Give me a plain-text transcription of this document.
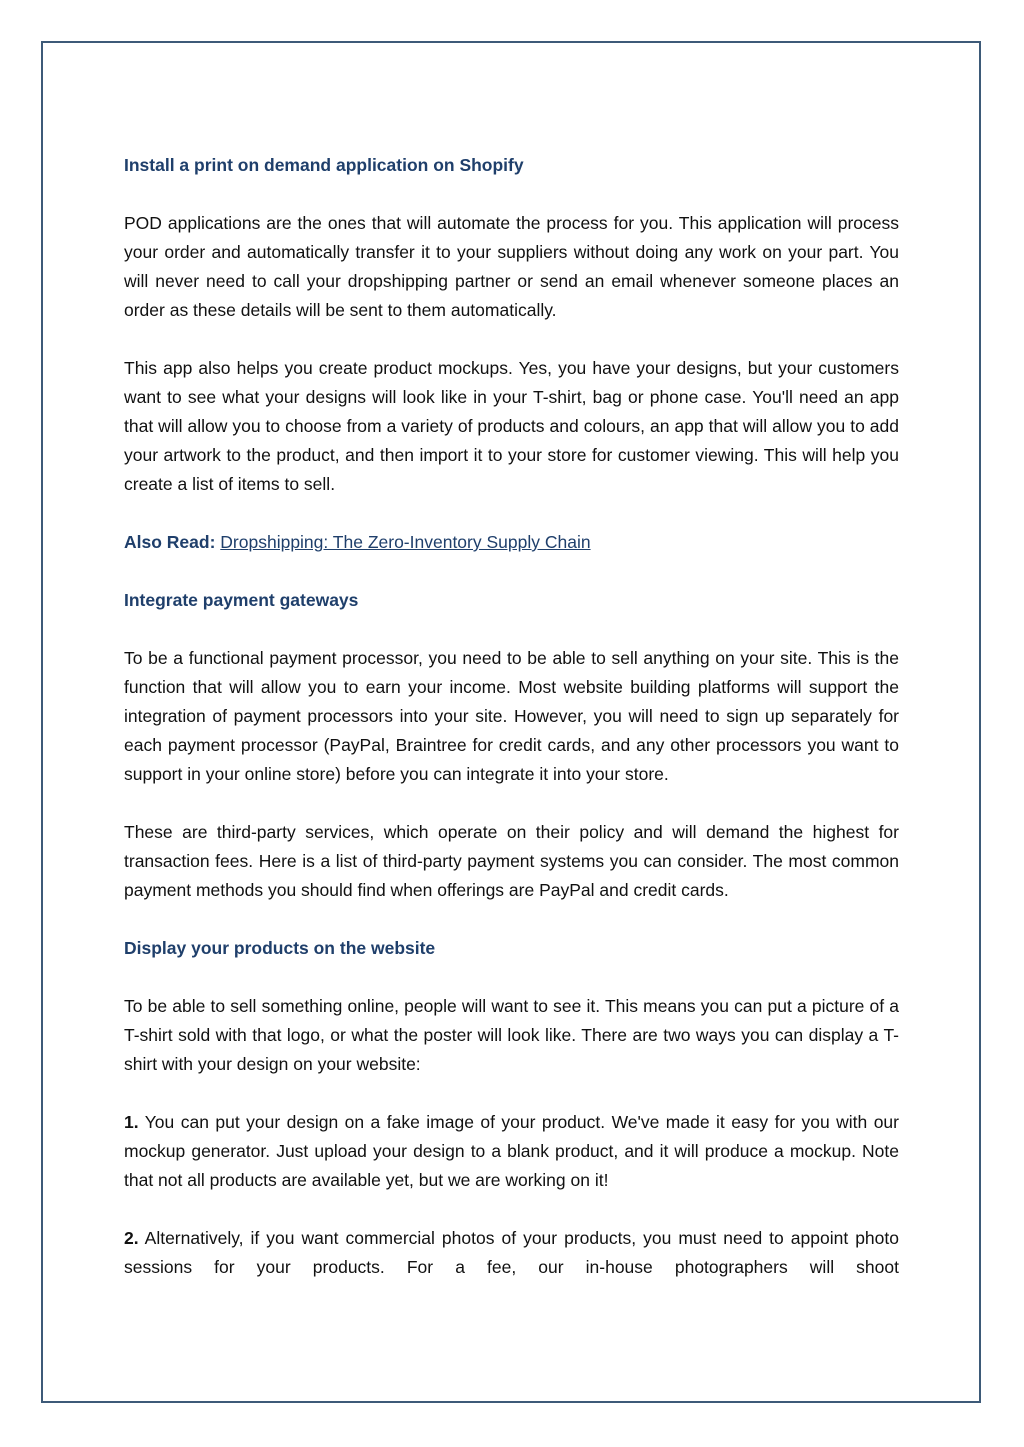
Install a print on demand application on Shopify

POD applications are the ones that will automate the process for you. This application will process your order and automatically transfer it to your suppliers without doing any work on your part. You will never need to call your dropshipping partner or send an email whenever someone places an order as these details will be sent to them automatically.

This app also helps you create product mockups. Yes, you have your designs, but your customers want to see what your designs will look like in your T-shirt, bag or phone case. You'll need an app that will allow you to choose from a variety of products and colours, an app that will allow you to add your artwork to the product, and then import it to your store for customer viewing. This will help you create a list of items to sell.

Also Read: Dropshipping: The Zero-Inventory Supply Chain

Integrate payment gateways

To be a functional payment processor, you need to be able to sell anything on your site. This is the function that will allow you to earn your income. Most website building platforms will support the integration of payment processors into your site. However, you will need to sign up separately for each payment processor (PayPal, Braintree for credit cards, and any other processors you want to support in your online store) before you can integrate it into your store.

These are third-party services, which operate on their policy and will demand the highest for transaction fees. Here is a list of third-party payment systems you can consider. The most common payment methods you should find when offerings are PayPal and credit cards.

Display your products on the website

To be able to sell something online, people will want to see it. This means you can put a picture of a T-shirt sold with that logo, or what the poster will look like. There are two ways you can display a T-shirt with your design on your website:

1. You can put your design on a fake image of your product. We've made it easy for you with our mockup generator. Just upload your design to a blank product, and it will produce a mockup. Note that not all products are available yet, but we are working on it!

2. Alternatively, if you want commercial photos of your products, you must need to appoint photo sessions for your products. For a fee, our in-house photographers will shoot
